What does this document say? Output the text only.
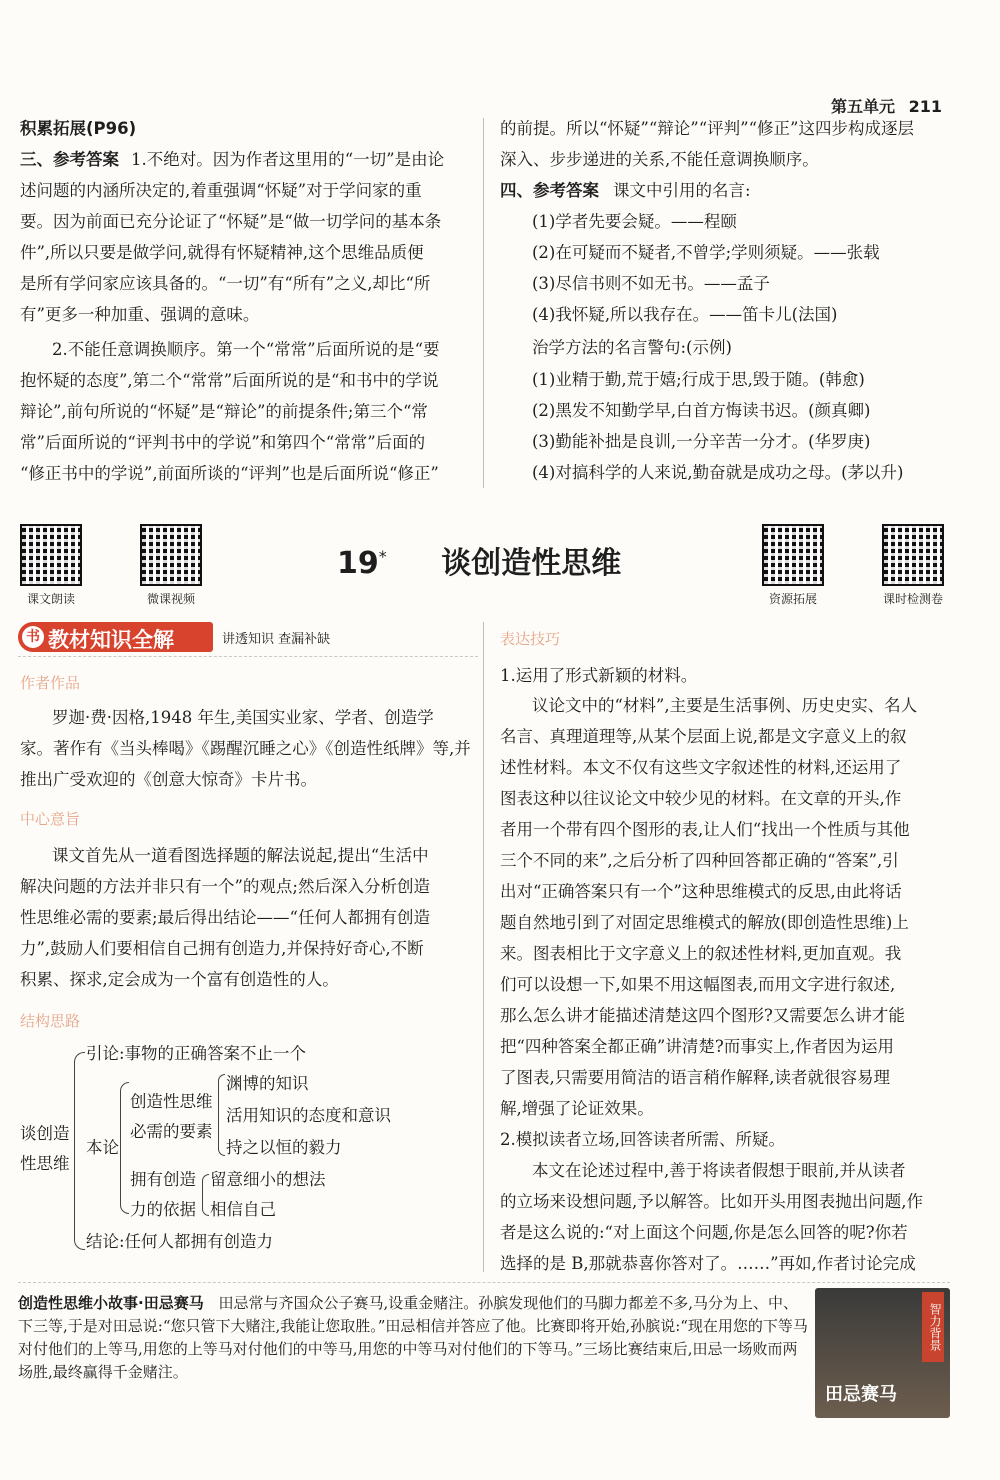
第五单元 211
积累拓展(P96)
三、参考答案 1.不绝对。因为作者这里用的“一切”是由论
述问题的内涵所决定的,着重强调“怀疑”对于学问家的重
要。因为前面已充分论证了“怀疑”是“做一切学问的基本条
件”,所以只要是做学问,就得有怀疑精神,这个思维品质便
是所有学问家应该具备的。“一切”有“所有”之义,却比“所
有”更多一种加重、强调的意味。
2.不能任意调换顺序。第一个“常常”后面所说的是“要
抱怀疑的态度”,第二个“常常”后面所说的是“和书中的学说
辩论”,前句所说的“怀疑”是“辩论”的前提条件;第三个“常
常”后面所说的“评判书中的学说”和第四个“常常”后面的
“修正书中的学说”,前面所谈的“评判”也是后面所说“修正”
的前提。所以“怀疑”“辩论”“评判”“修正”这四步构成逐层
深入、步步递进的关系,不能任意调换顺序。
四、参考答案 课文中引用的名言:
(1)学者先要会疑。——程颐
(2)在可疑而不疑者,不曾学;学则须疑。——张载
(3)尽信书则不如无书。——孟子
(4)我怀疑,所以我存在。——笛卡儿(法国)
治学方法的名言警句:(示例)
(1)业精于勤,荒于嬉;行成于思,毁于随。(韩愈)
(2)黑发不知勤学早,白首方悔读书迟。(颜真卿)
(3)勤能补拙是良训,一分辛苦一分才。(华罗庚)
(4)对搞科学的人来说,勤奋就是成功之母。(茅以升)
课文朗读	微课视频	资源拓展	课时检测卷
19* 谈创造性思维
书 教材知识全解	讲透知识 查漏补缺
作者作品
罗迦·费·因格,1948 年生,美国实业家、学者、创造学
家。著作有《当头棒喝》《踢醒沉睡之心》《创造性纸牌》等,并
推出广受欢迎的《创意大惊奇》卡片书。
中心意旨
课文首先从一道看图选择题的解法说起,提出“生活中
解决问题的方法并非只有一个”的观点;然后深入分析创造
性思维必需的要素;最后得出结论——“任何人都拥有创造
力”,鼓励人们要相信自己拥有创造力,并保持好奇心,不断
积累、探求,定会成为一个富有创造性的人。
结构思路
谈创造
性思维
引论:事物的正确答案不止一个
本论
创造性思维
必需的要素
渊博的知识
活用知识的态度和意识
持之以恒的毅力
拥有创造
力的依据
留意细小的想法
相信自己
结论:任何人都拥有创造力
表达技巧
1.运用了形式新颖的材料。
议论文中的“材料”,主要是生活事例、历史史实、名人
名言、真理道理等,从某个层面上说,都是文字意义上的叙
述性材料。本文不仅有这些文字叙述性的材料,还运用了
图表这种以往议论文中较少见的材料。在文章的开头,作
者用一个带有四个图形的表,让人们“找出一个性质与其他
三个不同的来”,之后分析了四种回答都正确的“答案”,引
出对“正确答案只有一个”这种思维模式的反思,由此将话
题自然地引到了对固定思维模式的解放(即创造性思维)上
来。图表相比于文字意义上的叙述性材料,更加直观。我
们可以设想一下,如果不用这幅图表,而用文字进行叙述,
那么怎么讲才能描述清楚这四个图形?又需要怎么讲才能
把“四种答案全都正确”讲清楚?而事实上,作者因为运用
了图表,只需要用简洁的语言稍作解释,读者就很容易理
解,增强了论证效果。
2.模拟读者立场,回答读者所需、所疑。
本文在论述过程中,善于将读者假想于眼前,并从读者
的立场来设想问题,予以解答。比如开头用图表抛出问题,作
者是这么说的:“对上面这个问题,你是怎么回答的呢?你若
选择的是 B,那就恭喜你答对了。……”再如,作者讨论完成
创造性思维小故事·田忌赛马 田忌常与齐国众公子赛马,设重金赌注。孙膑发现他们的马脚力都差不多,马分为上、中、下三等,于是对田忌说:“您只管下大赌注,我能让您取胜。”田忌相信并答应了他。比赛即将开始,孙膑说:“现在用您的下等马对付他们的上等马,用您的上等马对付他们的中等马,用您的中等马对付他们的下等马。”三场比赛结束后,田忌一场败而两场胜,最终赢得千金赌注。
智力背景
田忌赛马
